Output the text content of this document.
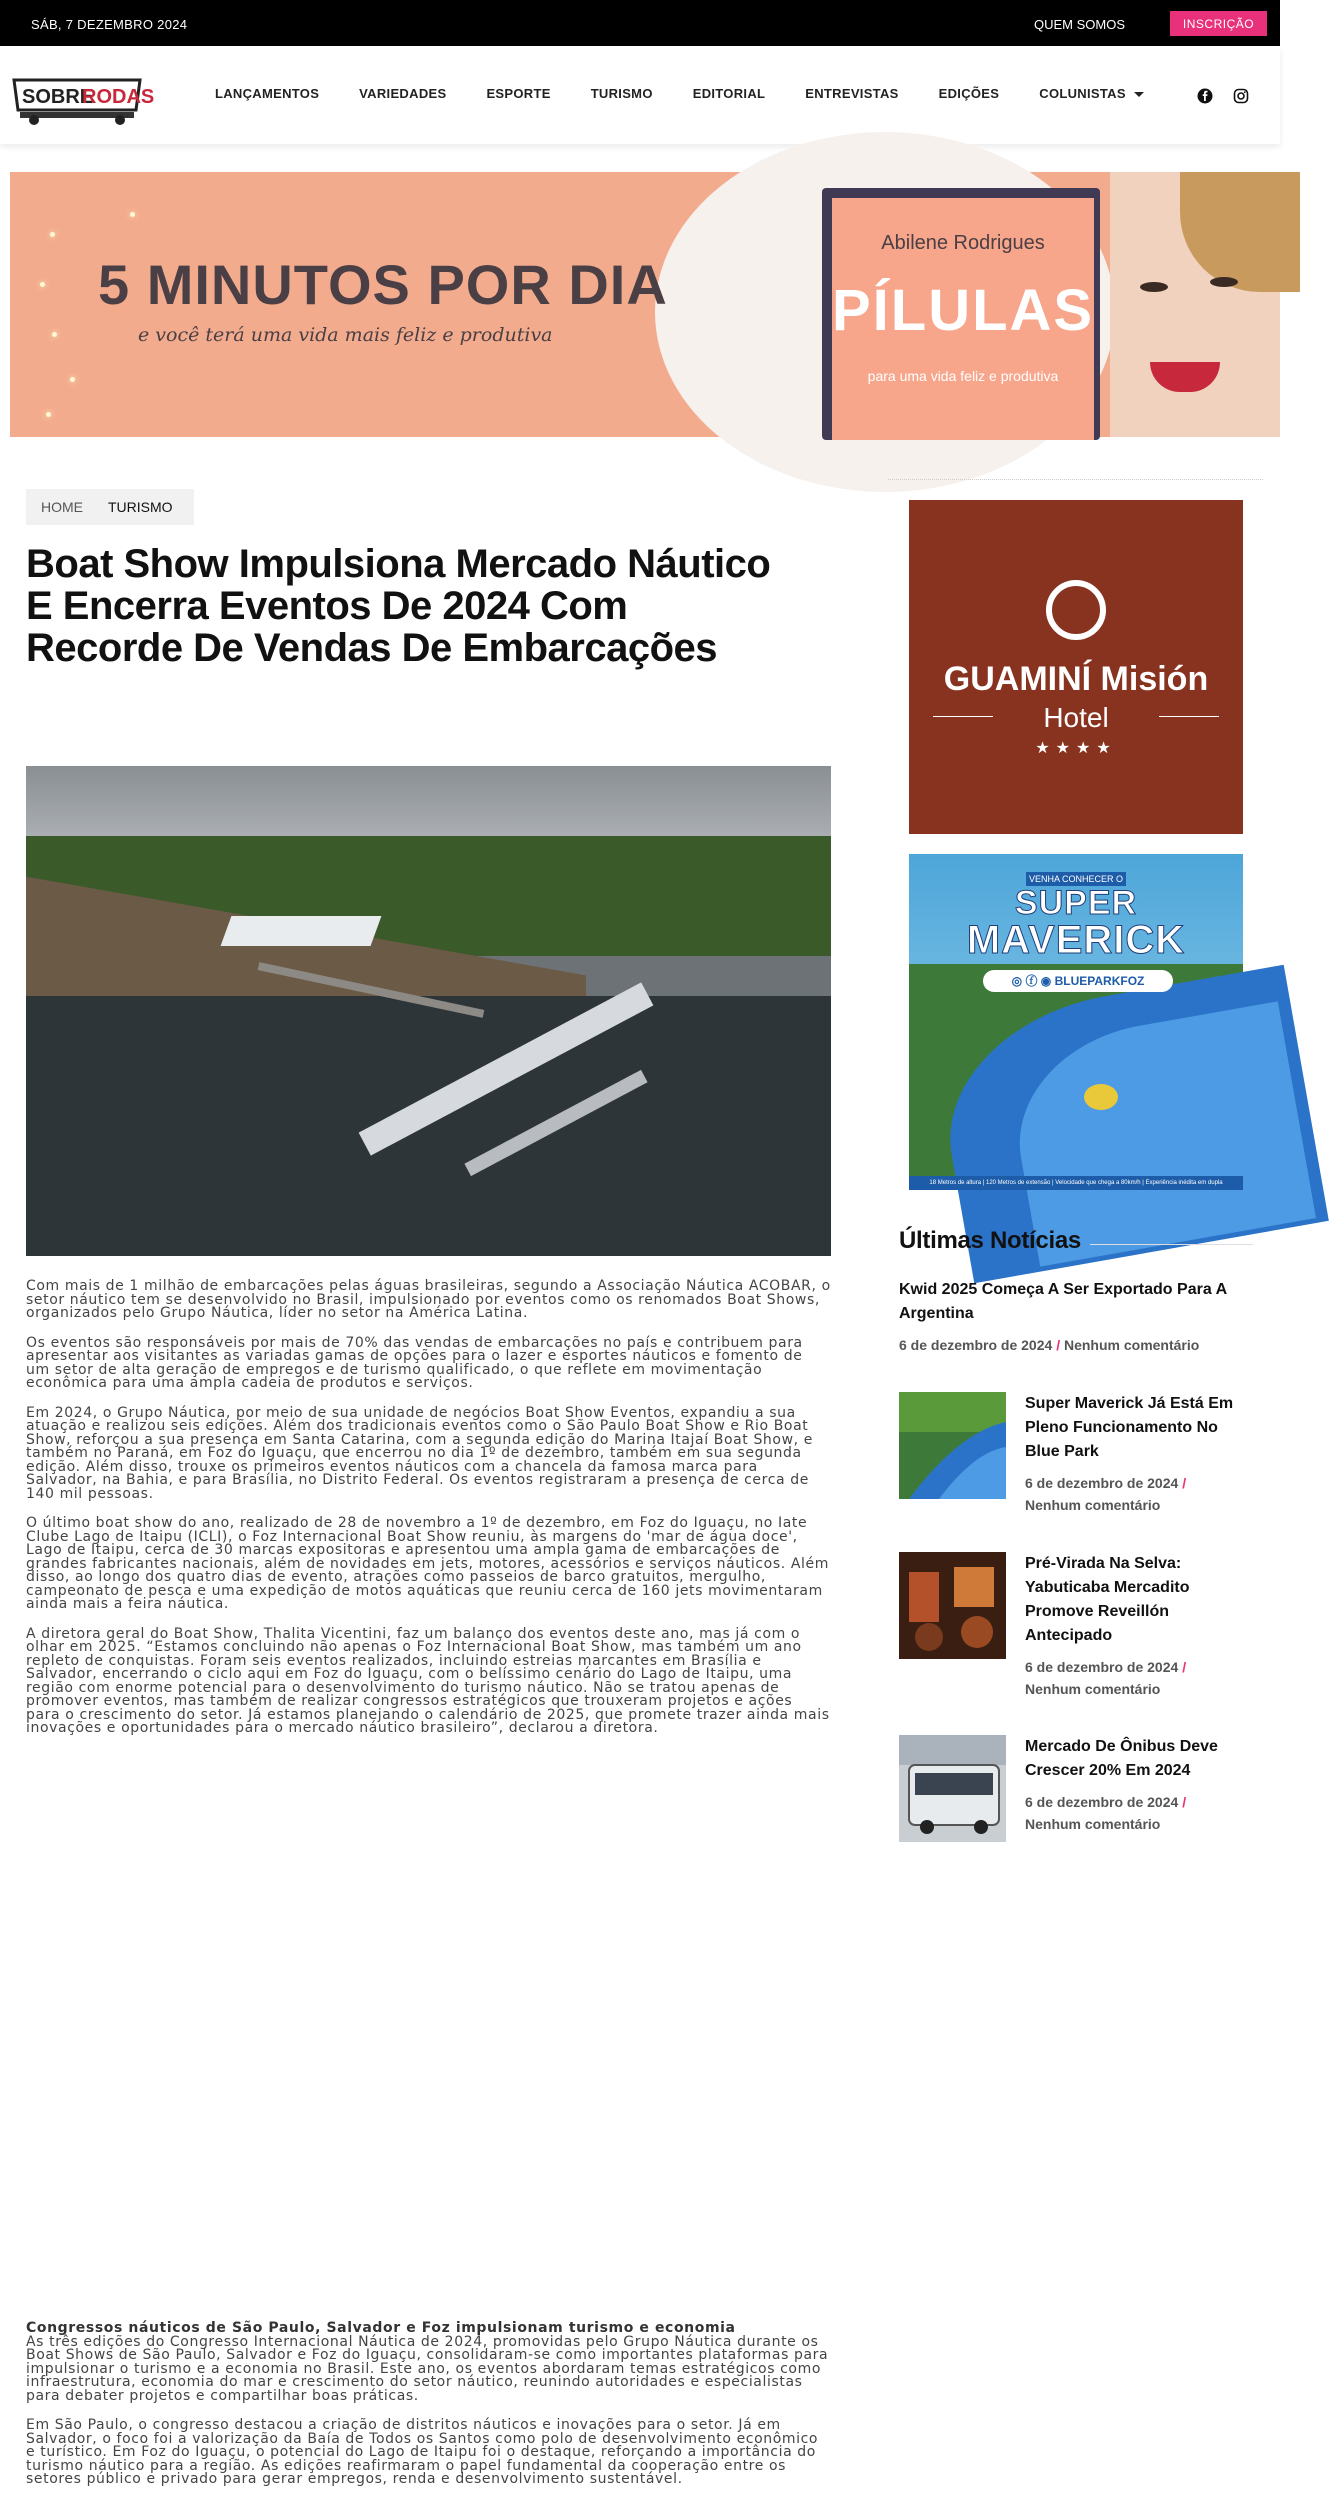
SÁB, 7 DEZEMBRO 2024	QUEM SOMOS	INSCRIÇÃO
SOBRE
RODAS	LANÇAMENTOS	VARIEDADES	ESPORTE	TURISMO	EDITORIAL	ENTREVISTAS	EDIÇÕES	COLUNISTAS
5 MINUTOS POR DIA
e você terá uma vida mais feliz e produtiva
Abilene Rodrigues
PÍLULAS
para uma vida feliz e produtiva
HOME TURISMO
Boat Show Impulsiona Mercado Náutico E Encerra Eventos De 2024 Com Recorde De Vendas De Embarcações

Com mais de 1 milhão de embarcações pelas águas brasileiras, segundo a Associação Náutica ACOBAR, o setor náutico tem se desenvolvido no Brasil, impulsionado por eventos como os renomados Boat Shows, organizados pelo Grupo Náutica, líder no setor na América Latina.

Os eventos são responsáveis por mais de 70% das vendas de embarcações no país e contribuem para apresentar aos visitantes as variadas gamas de opções para o lazer e esportes náuticos e fomento de um setor de alta geração de empregos e de turismo qualificado, o que reflete em movimentação econômica para uma ampla cadeia de produtos e serviços.

Em 2024, o Grupo Náutica, por meio de sua unidade de negócios Boat Show Eventos, expandiu a sua atuação e realizou seis edições. Além dos tradicionais eventos como o São Paulo Boat Show e Rio Boat Show, reforçou a sua presença em Santa Catarina, com a segunda edição do Marina Itajaí Boat Show, e também no Paraná, em Foz do Iguaçu, que encerrou no dia 1º de dezembro, também em sua segunda edição. Além disso, trouxe os primeiros eventos náuticos com a chancela da famosa marca para Salvador, na Bahia, e para Brasília, no Distrito Federal. Os eventos registraram a presença de cerca de 140 mil pessoas.

O último boat show do ano, realizado de 28 de novembro a 1º de dezembro, em Foz do Iguaçu, no Iate Clube Lago de Itaipu (ICLI), o Foz Internacional Boat Show reuniu, às margens do 'mar de água doce', Lago de Itaipu, cerca de 30 marcas expositoras e apresentou uma ampla gama de embarcações de grandes fabricantes nacionais, além de novidades em jets, motores, acessórios e serviços náuticos. Além disso, ao longo dos quatro dias de evento, atrações como passeios de barco gratuitos, mergulho, campeonato de pesca e uma expedição de motos aquáticas que reuniu cerca de 160 jets movimentaram ainda mais a feira náutica.

A diretora geral do Boat Show, Thalita Vicentini, faz um balanço dos eventos deste ano, mas já com o olhar em 2025. “Estamos concluindo não apenas o Foz Internacional Boat Show, mas também um ano repleto de conquistas. Foram seis eventos realizados, incluindo estreias marcantes em Brasília e Salvador, encerrando o ciclo aqui em Foz do Iguaçu, com o belíssimo cenário do Lago de Itaipu, uma região com enorme potencial para o desenvolvimento do turismo náutico. Não se tratou apenas de promover eventos, mas também de realizar congressos estratégicos que trouxeram projetos e ações para o crescimento do setor. Já estamos planejando o calendário de 2025, que promete trazer ainda mais inovações e oportunidades para o mercado náutico brasileiro”, declarou a diretora.

Congressos náuticos de São Paulo, Salvador e Foz impulsionam turismo e economia

As três edições do Congresso Internacional Náutica de 2024, promovidas pelo Grupo Náutica durante os Boat Shows de São Paulo, Salvador e Foz do Iguaçu, consolidaram-se como importantes plataformas para impulsionar o turismo e a economia no Brasil. Este ano, os eventos abordaram temas estratégicos como infraestrutura, economia do mar e crescimento do setor náutico, reunindo autoridades e especialistas para debater projetos e compartilhar boas práticas.

Em São Paulo, o congresso destacou a criação de distritos náuticos e inovações para o setor. Já em Salvador, o foco foi a valorização da Baía de Todos os Santos como polo de desenvolvimento econômico e turístico. Em Foz do Iguaçu, o potencial do Lago de Itaipu foi o destaque, reforçando a importância do turismo náutico para a região. As edições reafirmaram o papel fundamental da cooperação entre os setores público e privado para gerar empregos, renda e desenvolvimento sustentável.

GUAMINÍ Misión
Hotel
★★★★
VENHA CONHECER O
SUPER
MAVERICK
◎ ⓕ ◉ BLUEPARKFOZ
18 Metros de altura | 120 Metros de extensão | Velocidade que chega a 80km/h | Experiência inédita em dupla
Últimas Notícias
Kwid 2025 Começa A Ser Exportado Para A Argentina
6 de dezembro de 2024 / Nenhum comentário
Super Maverick Já Está Em Pleno Funcionamento No Blue Park
6 de dezembro de 2024 /
Nenhum comentário
Pré-Virada Na Selva: Yabuticaba Mercadito Promove Reveillón Antecipado
6 de dezembro de 2024 /
Nenhum comentário
Mercado De Ônibus Deve Crescer 20% Em 2024
6 de dezembro de 2024 /
Nenhum comentário
